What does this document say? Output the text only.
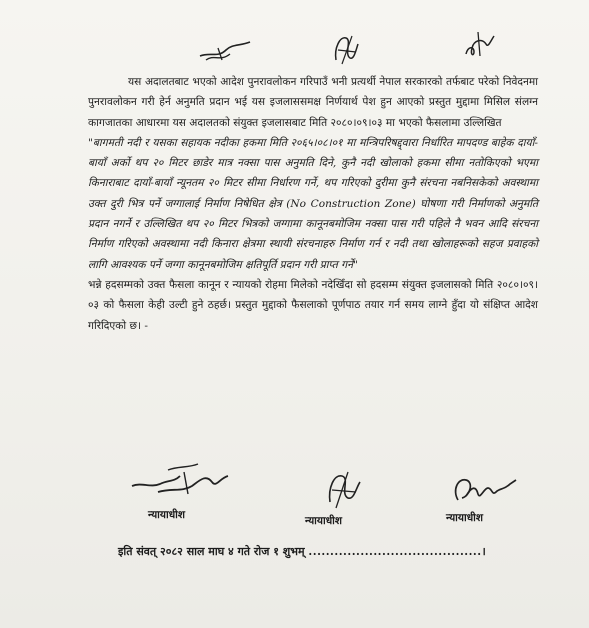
यस अदालतबाट भएको आदेश पुनरावलोकन गरिपाउँ भनी प्रत्यर्थी नेपाल सरकारको तर्फबाट परेको निवेदनमा पुनरावलोकन गरी हेर्न अनुमति प्रदान भई यस इजलाससमक्ष निर्णयार्थ पेश हुन आएको प्रस्तुत मुद्दामा मिसिल संलग्न कागजातका आधारमा यस अदालतको संयुक्त इजलासबाट मिति २०८०।०९।०३ मा भएको फैसलामा उल्लिखित

"बागमती नदी र यसका सहायक नदीका हकमा मिति २०६५।०८।०१ मा मन्त्रिपरिषद्द्वारा निर्धारित मापदण्ड बाहेक दायाँ-बायाँ अर्को थप २० मिटर छाडेर मात्र नक्सा पास अनुमति दिने, कुनै नदी खोलाको हकमा सीमा नतोकिएको भएमा किनाराबाट दायाँ-बायाँ न्यूनतम २० मिटर सीमा निर्धारण गर्ने, थप गरिएको दुरीमा कुनै संरचना नबनिसकेको अवस्थामा उक्त दुरी भित्र पर्ने जग्गालाई निर्माण निषेधित क्षेत्र (No Construction Zone) घोषणा गरी निर्माणको अनुमति प्रदान नगर्ने र उल्लिखित थप २० मिटर भित्रको जग्गामा कानूनबमोजिम नक्सा पास गरी पहिले नै भवन आदि संरचना निर्माण गरिएको अवस्थामा नदी किनारा क्षेत्रमा स्थायी संरचनाहरु निर्माण गर्न र नदी तथा खोलाहरूको सहज प्रवाहको लागि आवश्यक पर्ने जग्गा कानूनबमोजिम क्षतिपूर्ति प्रदान गरी प्राप्त गर्ने"

भन्ने हदसम्मको उक्त फैसला कानून र न्यायको रोहमा मिलेको नदेखिँदा सो हदसम्म संयुक्त इजलासको मिति २०८०।०९।०३ को फैसला केही उल्टी हुने ठहर्छ। प्रस्तुत मुद्दाको फैसलाको पूर्णपाठ तयार गर्न समय लाग्ने हुँदा यो संक्षिप्त आदेश गरिदिएको छ। -

न्यायाधीश	न्यायाधीश	न्यायाधीश
इति संवत् २०८२ साल माघ ४ गते रोज १ शुभम् ........................................।
